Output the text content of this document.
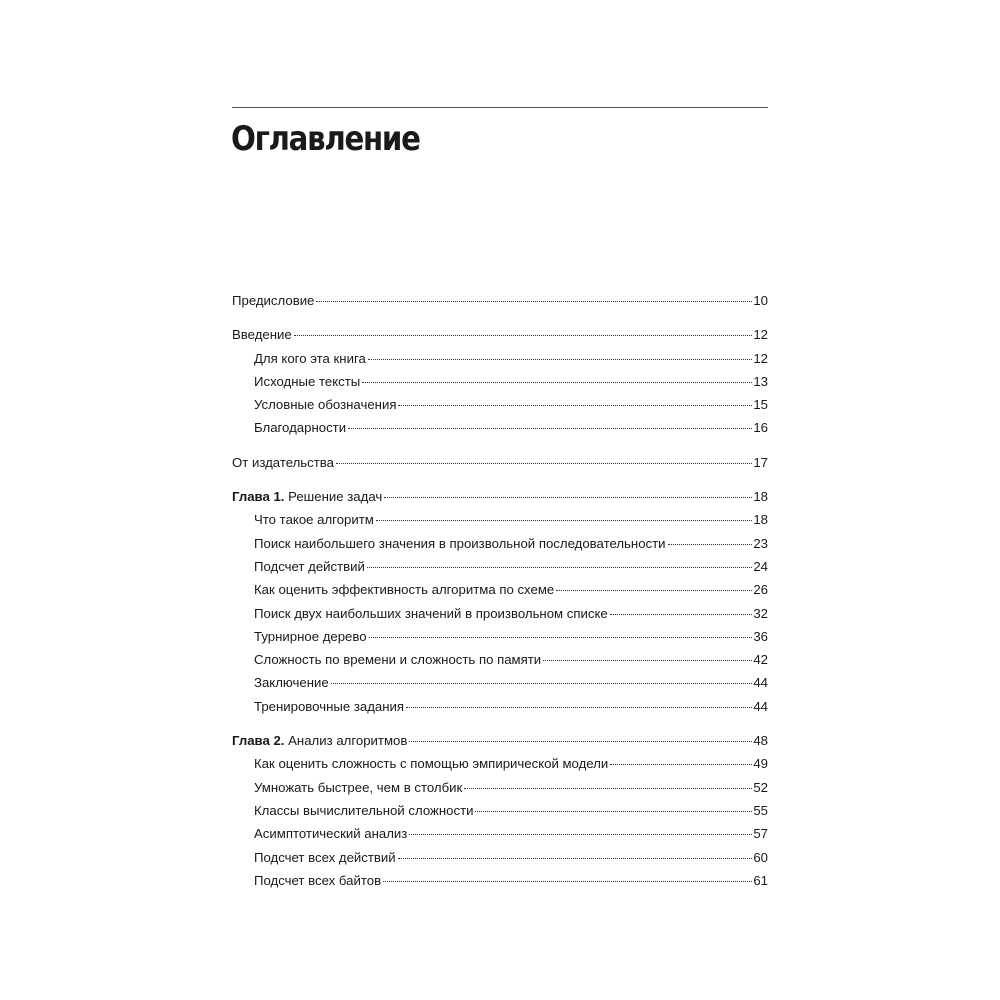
Оглавление
Предисловие	10
Введение	12
Для кого эта книга	12
Исходные тексты	13
Условные обозначения	15
Благодарности	16
От издательства	17
Глава 1. Решение задач	18
Что такое алгоритм	18
Поиск наибольшего значения в произвольной последовательности	23
Подсчет действий	24
Как оценить эффективность алгоритма по схеме	26
Поиск двух наибольших значений в произвольном списке	32
Турнирное дерево	36
Сложность по времени и сложность по памяти	42
Заключение	44
Тренировочные задания	44
Глава 2. Анализ алгоритмов	48
Как оценить сложность с помощью эмпирической модели	49
Умножать быстрее, чем в столбик	52
Классы вычислительной сложности	55
Асимптотический анализ	57
Подсчет всех действий	60
Подсчет всех байтов	61
